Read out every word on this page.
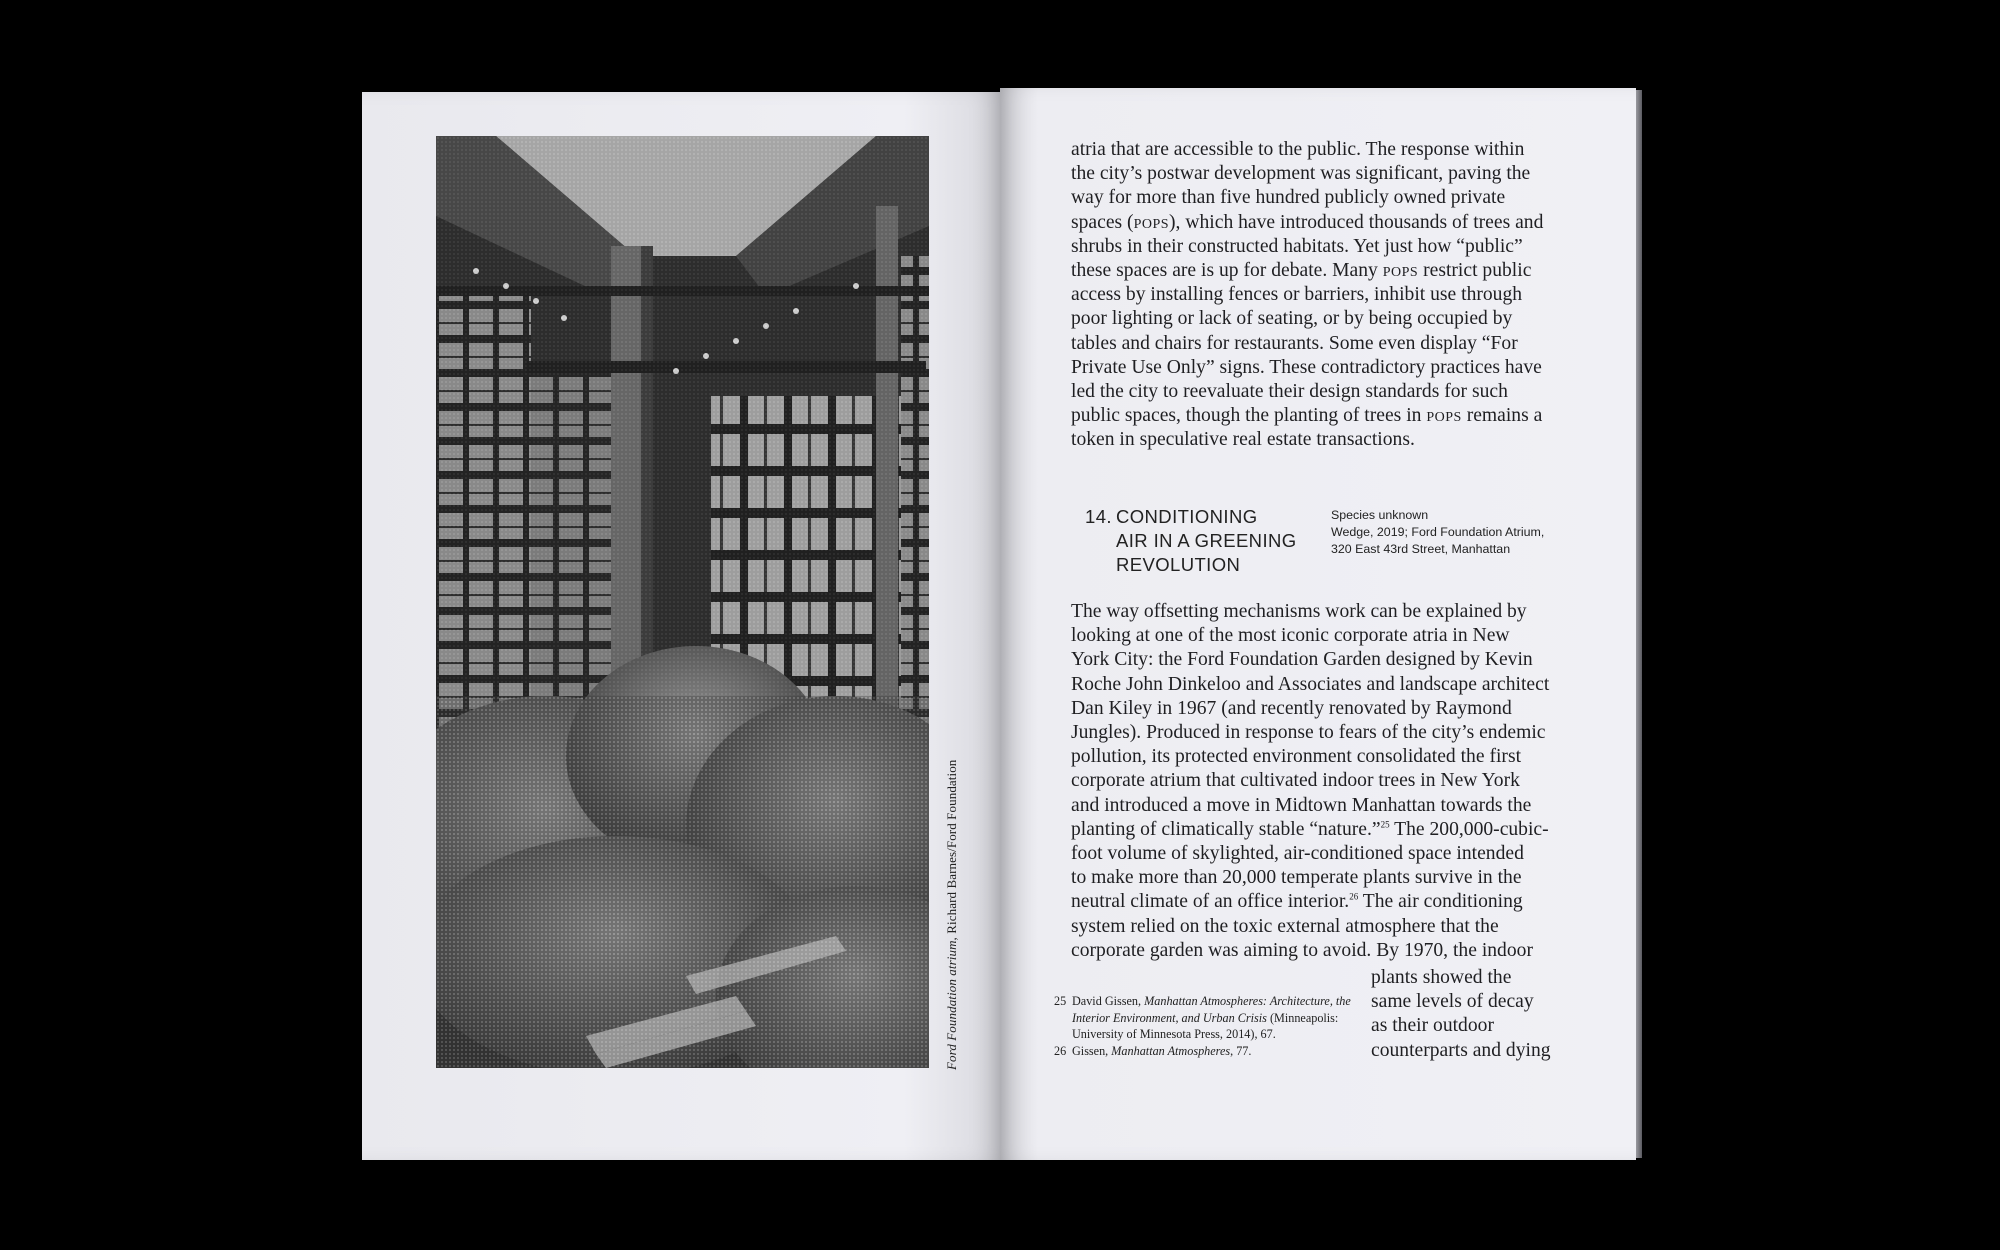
Ford Foundation atrium, Richard Barnes/Ford Foundation
atria that are accessible to the public. The response within
the city’s postwar development was significant, paving the
way for more than five hundred publicly owned private
spaces (pops), which have introduced thousands of trees and
shrubs in their constructed habitats. Yet just how “public”
these spaces are is up for debate. Many pops restrict public
access by installing fences or barriers, inhibit use through
poor lighting or lack of seating, or by being occupied by
tables and chairs for restaurants. Some even display “For
Private Use Only” signs. These contradictory practices have
led the city to reevaluate their design standards for such
public spaces, though the planting of trees in pops remains a
token in speculative real estate transactions.
14. CONDITIONING
AIR IN A GREENING
REVOLUTION
Species unknown
Wedge, 2019; Ford Foundation Atrium,
320 East 43rd Street, Manhattan
The way offsetting mechanisms work can be explained by
looking at one of the most iconic corporate atria in New
York City: the Ford Foundation Garden designed by Kevin
Roche John Dinkeloo and Associates and landscape architect
Dan Kiley in 1967 (and recently renovated by Raymond
Jungles). Produced in response to fears of the city’s endemic
pollution, its protected environment consolidated the first
corporate atrium that cultivated indoor trees in New York
and introduced a move in Midtown Manhattan towards the
planting of climatically stable “nature.”$^{25}$ The 200,000-cubic-
foot volume of skylighted, air-conditioned space intended
to make more than 20,000 temperate plants survive in the
neutral climate of an office interior.$^{26}$ The air conditioning
system relied on the toxic external atmosphere that the
corporate garden was aiming to avoid. By 1970, the indoor
plants showed the
same levels of decay
as their outdoor
counterparts and dying
25 David Gissen, Manhattan Atmospheres: Architecture, the Interior Environment, and Urban Crisis (Minneapolis: University of Minnesota Press, 2014), 67.
26 Gissen, Manhattan Atmospheres, 77.
